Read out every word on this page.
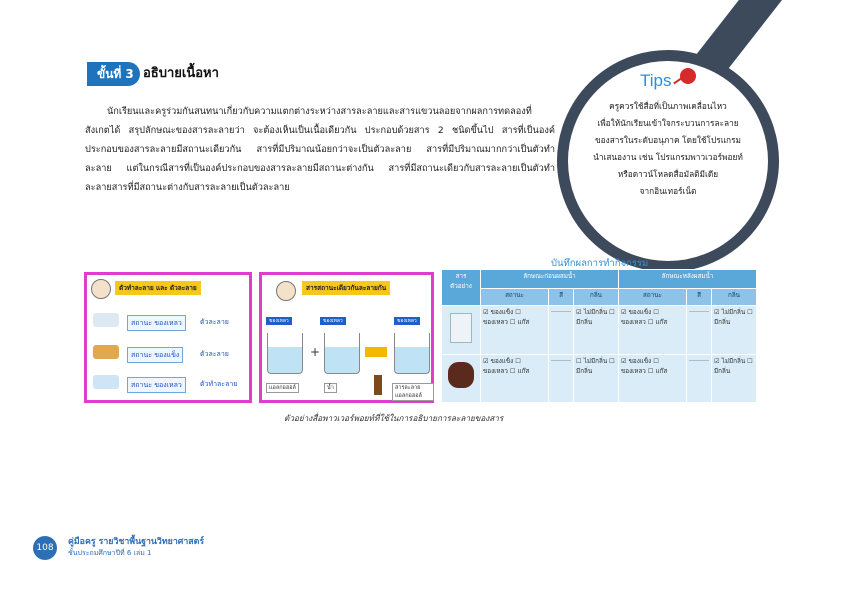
ขั้นที่ 3 อธิบายเนื้อหา

นักเรียนและครูร่วมกันสนทนาเกี่ยวกับความแตกต่างระหว่างสารละลายและสารแขวนลอยจากผลการทดลองที่สังเกตได้ สรุปลักษณะของสารละลายว่า จะต้องเห็นเป็นเนื้อเดียวกัน ประกอบด้วยสาร 2 ชนิดขึ้นไป สารที่เป็นองค์ประกอบของสารละลายมีสถานะเดียวกัน สารที่มีปริมาณน้อยกว่าจะเป็นตัวละลาย สารที่มีปริมาณมากกว่าเป็นตัวทำละลาย แต่ในกรณีสารที่เป็นองค์ประกอบของสารละลายมีสถานะต่างกัน สารที่มีสถานะเดียวกับสารละลายเป็นตัวทำละลายสารที่มีสถานะต่างกับสารละลายเป็นตัวละลาย

Tips
ครูควรใช้สื่อที่เป็นภาพเคลื่อนไหว
เพื่อให้นักเรียนเข้าใจกระบวนการละลาย
ของสารในระดับอนุภาค โดยใช้โปรแกรม
นำเสนองาน เช่น โปรแกรมพาวเวอร์พอยท์
หรือดาวน์โหลดสื่อมัลติมีเดีย
จากอินเทอร์เน็ต
ตัวทำละลาย และ ตัวละลาย
สถานะ ของเหลว	ตัวละลาย
สถานะ ของแข็ง	ตัวละลาย
สถานะ ของเหลว	ตัวทำละลาย
สารสถานะเดียวกันละลายกัน
ของเหลว	ของเหลว	ของเหลว
+
แอลกอฮอล์	น้ำ	สารละลายแอลกอฮอล์
บันทึกผลการทำกิจกรรม
สาร ตัวอย่าง	ลักษณะก่อนผสมน้ำ			ลักษณะหลังผสมน้ำ		
	สถานะ	สี	กลิ่น	สถานะ	สี	กลิ่น

	☑ ของแข็ง ☐ ของเหลว ☐ แก๊ส	..........	☑ ไม่มีกลิ่น ☐ มีกลิ่น	☑ ของแข็ง ☐ ของเหลว ☐ แก๊ส	..........	☑ ไม่มีกลิ่น ☐ มีกลิ่น

	☑ ของแข็ง ☐ ของเหลว ☐ แก๊ส	..........	☐ ไม่มีกลิ่น ☐ มีกลิ่น	☑ ของแข็ง ☐ ของเหลว ☐ แก๊ส	..........	☑ ไม่มีกลิ่น ☐ มีกลิ่น
ตัวอย่างสื่อพาวเวอร์พอยท์ที่ใช้ในการอธิบายการละลายของสาร
108
คู่มือครู รายวิชาพื้นฐานวิทยาศาสตร์
ชั้นประถมศึกษาปีที่ 6 เล่ม 1
